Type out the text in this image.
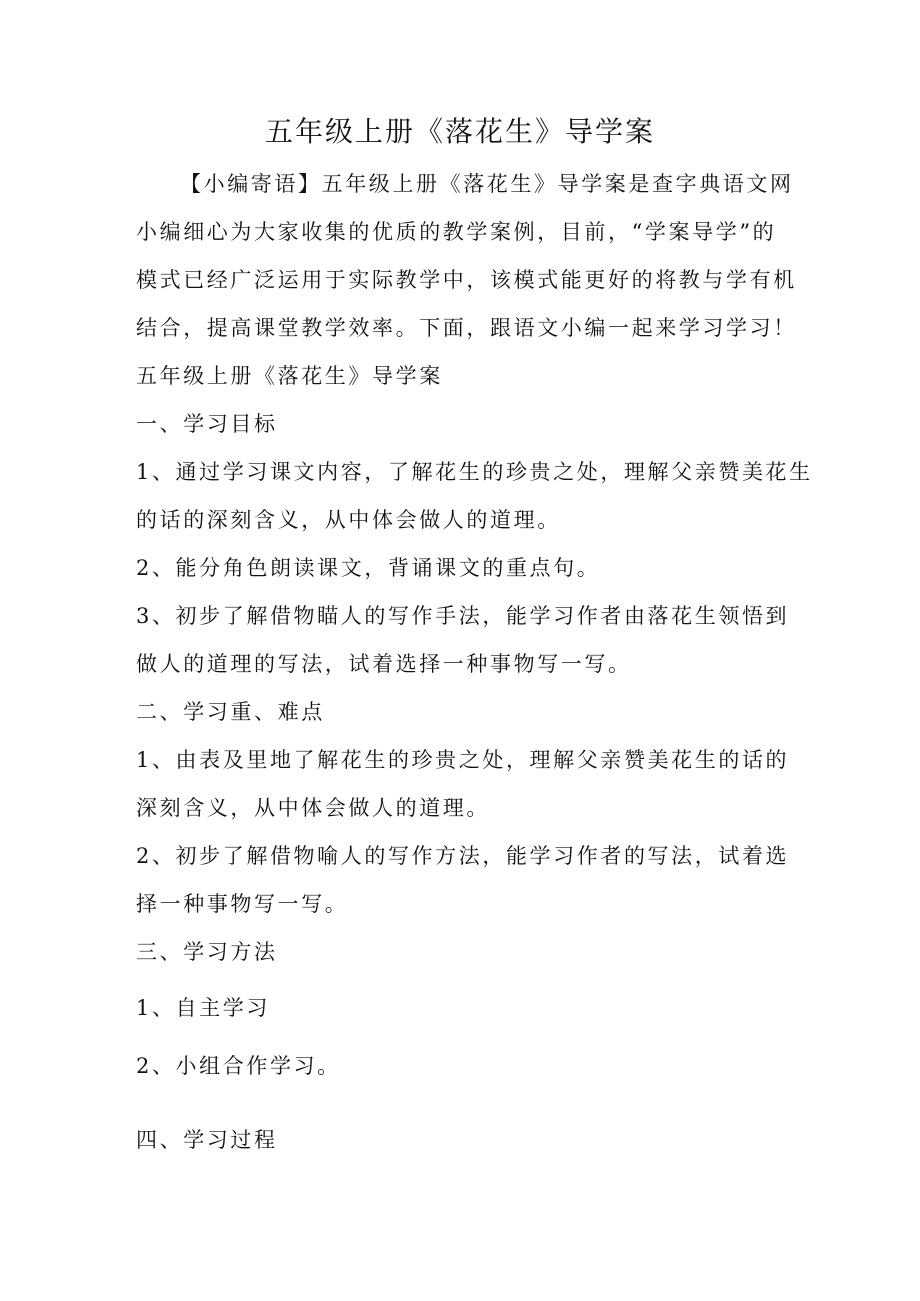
五年级上册《落花生》导学案
【小编寄语】五年级上册《落花生》导学案是查字典语文网
小编细心为大家收集的优质的教学案例，目前，“学案导学”的
模式已经广泛运用于实际教学中，该模式能更好的将教与学有机
结合，提高课堂教学效率。下面，跟语文小编一起来学习学习！
五年级上册《落花生》导学案
一、学习目标
1、通过学习课文内容，了解花生的珍贵之处，理解父亲赞美花生
的话的深刻含义，从中体会做人的道理。
2、能分角色朗读课文，背诵课文的重点句。
3、初步了解借物瞄人的写作手法，能学习作者由落花生领悟到
做人的道理的写法，试着选择一种事物写一写。
二、学习重、难点
1、由表及里地了解花生的珍贵之处，理解父亲赞美花生的话的
深刻含义，从中体会做人的道理。
2、初步了解借物喻人的写作方法，能学习作者的写法，试着选
择一种事物写一写。
三、学习方法
1、自主学习
2、小组合作学习。
四、学习过程
